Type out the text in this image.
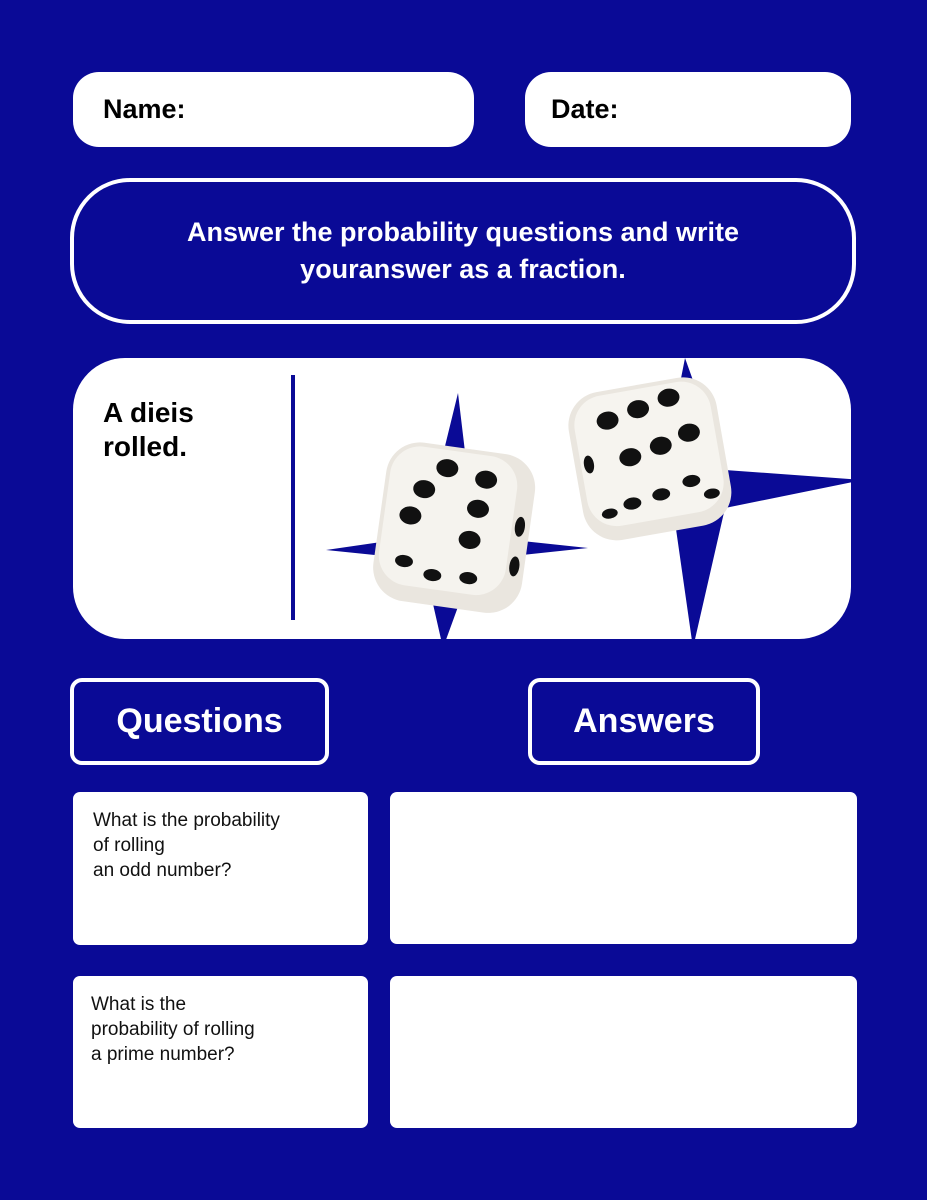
Name:	Date:
Answer the probability questions and write
your​answer as a fraction.
A die​is
rolled.
Questions	Answers
What is the probability
of rolling
an odd number?
What is the
probability of rolling
a prime number?
